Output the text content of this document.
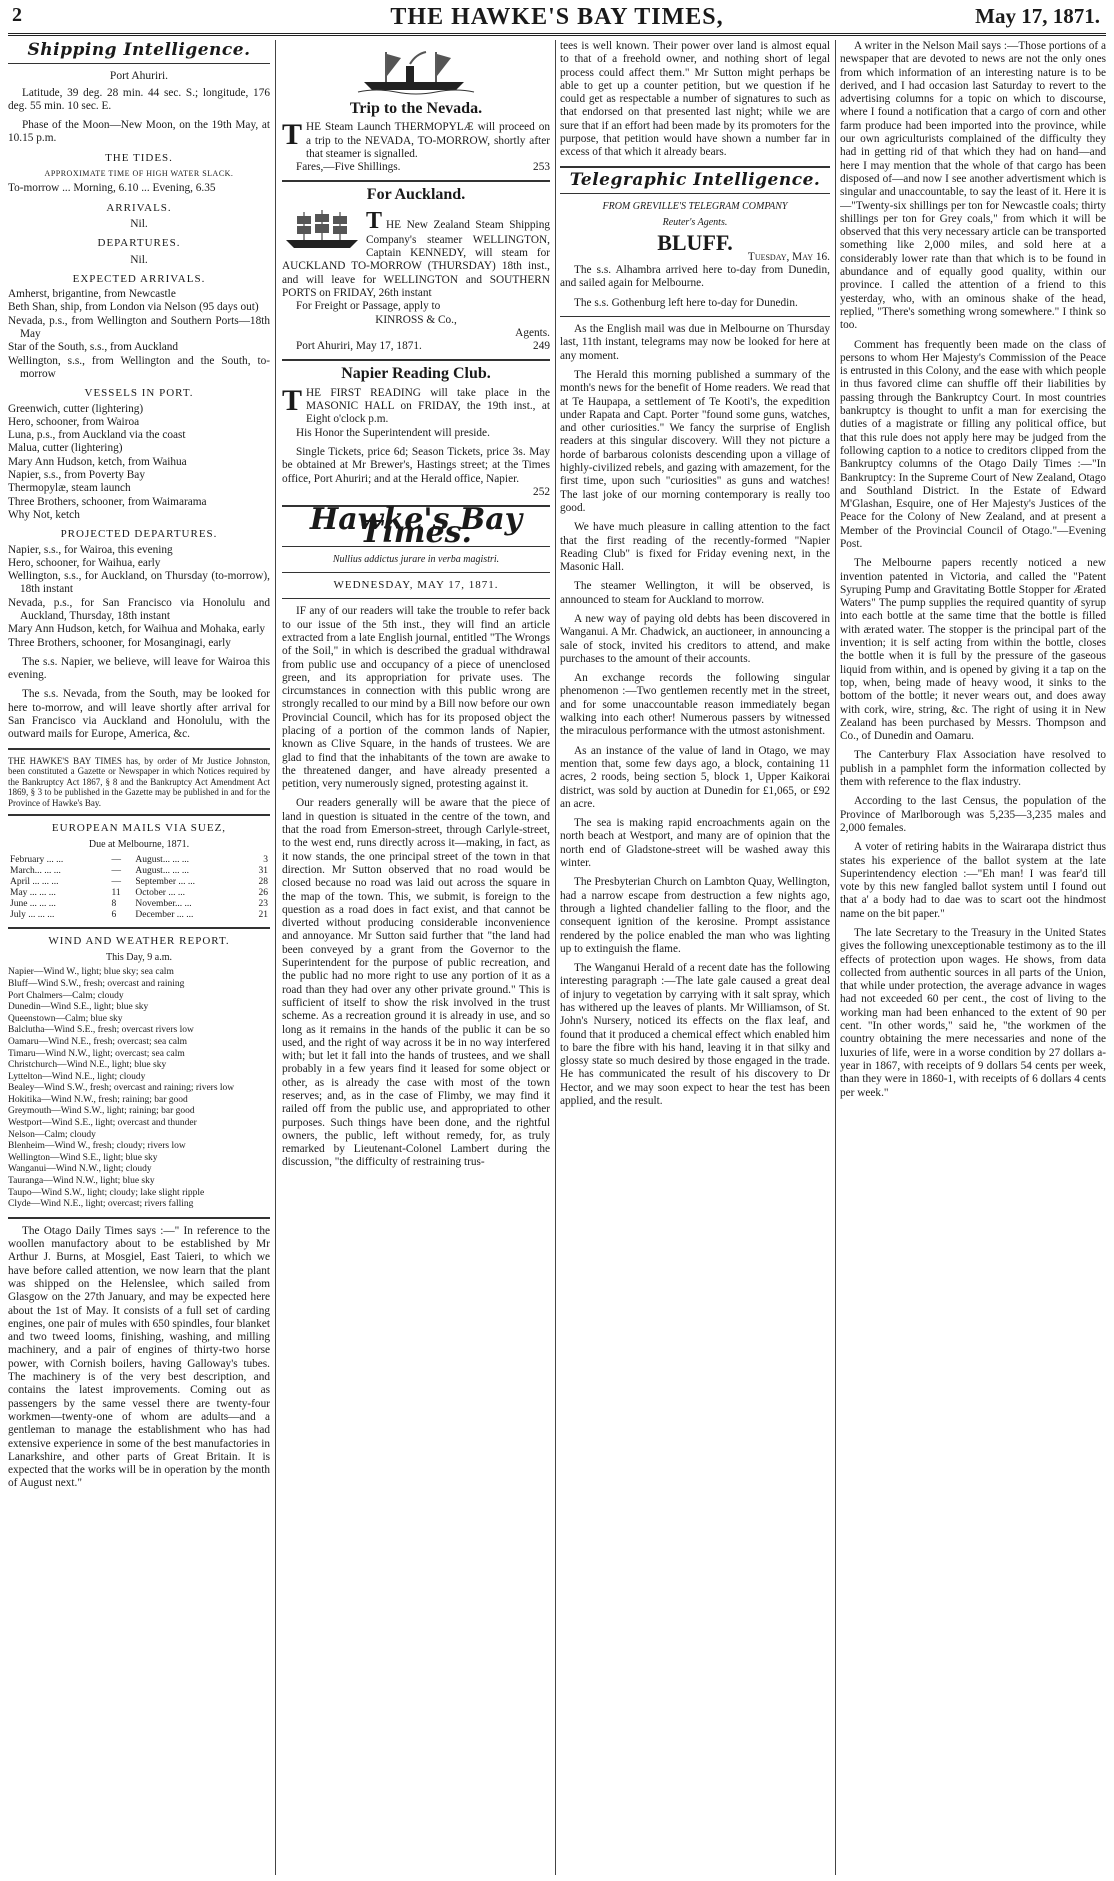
2	THE HAWKE'S BAY TIMES,	May 17, 1871.
Shipping Intelligence.
Port Ahuriri.

Latitude, 39 deg. 28 min. 44 sec. S.; longitude, 176 deg. 55 min. 10 sec. E.

Phase of the Moon—New Moon, on the 19th May, at 10.15 p.m.

THE TIDES.
APPROXIMATE TIME OF HIGH WATER SLACK.

To-morrow ... Morning, 6.10 ... Evening, 6.35

ARRIVALS.
Nil.
DEPARTURES.
Nil.
EXPECTED ARRIVALS.

Amherst, brigantine, from Newcastle

Beth Shan, ship, from London via Nelson (95 days out)

Nevada, p.s., from Wellington and Southern Ports—18th May

Star of the South, s.s., from Auckland

Wellington, s.s., from Wellington and the South, to-morrow

VESSELS IN PORT.

Greenwich, cutter (lightering)

Hero, schooner, from Wairoa

Luna, p.s., from Auckland via the coast

Malua, cutter (lightering)

Mary Ann Hudson, ketch, from Waihua

Napier, s.s., from Poverty Bay

Thermopylæ, steam launch

Three Brothers, schooner, from Waimarama

Why Not, ketch

PROJECTED DEPARTURES.

Napier, s.s., for Wairoa, this evening

Hero, schooner, for Waihua, early

Wellington, s.s., for Auckland, on Thursday (to-morrow), 18th instant

Nevada, p.s., for San Francisco via Honolulu and Auckland, Thursday, 18th instant

Mary Ann Hudson, ketch, for Waihua and Mohaka, early

Three Brothers, schooner, for Mosanginagi, early

The s.s. Napier, we believe, will leave for Wairoa this evening.

The s.s. Nevada, from the South, may be looked for here to-morrow, and will leave shortly after arrival for San Francisco via Auckland and Honolulu, with the outward mails for Europe, America, &c.

THE HAWKE'S BAY TIMES has, by order of Mr Justice Johnston, been constituted a Gazette or Newspaper in which Notices required by the Bankruptcy Act 1867, § 8 and the Bankruptcy Act Amendment Act 1869, § 3 to be published in the Gazette may be published in and for the Province of Hawke's Bay.

EUROPEAN MAILS VIA SUEZ,
Due at Melbourne, 1871.
February ... ...	—	August... ... ...	3
March... ... ...	—	August... ... ...	31
April ... ... ...	—	September ... ...	28
May ... ... ...	11	October ... ...	26
June ... ... ...	8	November... ...	23
July ... ... ...	6	December ... ...	21
WIND AND WEATHER REPORT.
This Day, 9 a.m.

Napier—Wind W., light; blue sky; sea calm

Bluff—Wind S.W., fresh; overcast and raining

Port Chalmers—Calm; cloudy

Dunedin—Wind S.E., light; blue sky

Queenstown—Calm; blue sky

Balclutha—Wind S.E., fresh; overcast rivers low

Oamaru—Wind N.E., fresh; overcast; sea calm

Timaru—Wind N.W., light; overcast; sea calm

Christchurch—Wind N.E., light; blue sky

Lyttelton—Wind N.E., light; cloudy

Bealey—Wind S.W., fresh; overcast and raining; rivers low

Hokitika—Wind N.W., fresh; raining; bar good

Greymouth—Wind S.W., light; raining; bar good

Westport—Wind S.E., light; overcast and thunder

Nelson—Calm; cloudy

Blenheim—Wind W., fresh; cloudy; rivers low

Wellington—Wind S.E., light; blue sky

Wanganui—Wind N.W., light; cloudy

Tauranga—Wind N.W., light; blue sky

Taupo—Wind S.W., light; cloudy; lake slight ripple

Clyde—Wind N.E., light; overcast; rivers falling

The Otago Daily Times says :—" In reference to the woollen manufactory about to be established by Mr Arthur J. Burns, at Mosgiel, East Taieri, to which we have before called attention, we now learn that the plant was shipped on the Helenslee, which sailed from Glasgow on the 27th January, and may be expected here about the 1st of May. It consists of a full set of carding engines, one pair of mules with 650 spindles, four blanket and two tweed looms, finishing, washing, and milling machinery, and a pair of engines of thirty-two horse power, with Cornish boilers, having Galloway's tubes. The machinery is of the very best description, and contains the latest improvements. Coming out as passengers by the same vessel there are twenty-four workmen—twenty-one of whom are adults—and a gentleman to manage the establishment who has had extensive experience in some of the best manufactories in Lanarkshire, and other parts of Great Britain. It is expected that the works will be in operation by the month of August next."

Trip to the Nevada.

THE Steam Launch THERMOPYLÆ will proceed on a trip to the NEVADA, TO-MORROW, shortly after that steamer is signalled.

Fares,—Five Shillings.	253

For Auckland.

THE New Zealand Steam Shipping Company's steamer WELLINGTON, Captain KENNEDY, will steam for AUCKLAND TO-MORROW (THURSDAY) 18th inst., and will leave for WELLINGTON and SOUTHERN PORTS on FRIDAY, 26th instant

For Freight or Passage, apply to

KINROSS & Co.,

Agents.

Port Ahuriri, May 17, 1871.	249

Napier Reading Club.

THE FIRST READING will take place in the MASONIC HALL on FRIDAY, the 19th inst., at Eight o'clock p.m.

His Honor the Superintendent will preside.

Single Tickets, price 6d; Season Tickets, price 3s. May be obtained at Mr Brewer's, Hastings street; at the Times office, Port Ahuriri; and at the Herald office, Napier.

252

Hawke's Bay Times.
Nullius addictus jurare in verba magistri.
WEDNESDAY, MAY 17, 1871.

IF any of our readers will take the trouble to refer back to our issue of the 5th inst., they will find an article extracted from a late English journal, entitled "The Wrongs of the Soil," in which is described the gradual withdrawal from public use and occupancy of a piece of unenclosed green, and its appropriation for private uses. The circumstances in connection with this public wrong are strongly recalled to our mind by a Bill now before our own Provincial Council, which has for its proposed object the placing of a portion of the common lands of Napier, known as Clive Square, in the hands of trustees. We are glad to find that the inhabitants of the town are awake to the threatened danger, and have already presented a petition, very numerously signed, protesting against it.

Our readers generally will be aware that the piece of land in question is situated in the centre of the town, and that the road from Emerson-street, through Carlyle-street, to the west end, runs directly across it—making, in fact, as it now stands, the one principal street of the town in that direction. Mr Sutton observed that no road would be closed because no road was laid out across the square in the map of the town. This, we submit, is foreign to the question as a road does in fact exist, and that cannot be diverted without producing considerable inconvenience and annoyance. Mr Sutton said further that "the land had been conveyed by a grant from the Governor to the Superintendent for the purpose of public recreation, and the public had no more right to use any portion of it as a road than they had over any other private ground." This is sufficient of itself to show the risk involved in the trust scheme. As a recreation ground it is already in use, and so long as it remains in the hands of the public it can be so used, and the right of way across it be in no way interfered with; but let it fall into the hands of trustees, and we shall probably in a few years find it leased for some object or other, as is already the case with most of the town reserves; and, as in the case of Flimby, we may find it railed off from the public use, and appropriated to other purposes. Such things have been done, and the rightful owners, the public, left without remedy, for, as truly remarked by Lieutenant-Colonel Lambert during the discussion, "the difficulty of restraining trus-

tees is well known. Their power over land is almost equal to that of a freehold owner, and nothing short of legal process could affect them." Mr Sutton might perhaps be able to get up a counter petition, but we question if he could get as respectable a number of signatures to such as that endorsed on that presented last night; while we are sure that if an effort had been made by its promoters for the purpose, that petition would have shown a number far in excess of that which it already bears.

Telegraphic Intelligence.
FROM GREVILLE'S TELEGRAM COMPANY
Reuter's Agents.
BLUFF.

Tuesday, May 16.

The s.s. Alhambra arrived here to-day from Dunedin, and sailed again for Melbourne.

The s.s. Gothenburg left here to-day for Dunedin.

As the English mail was due in Melbourne on Thursday last, 11th instant, telegrams may now be looked for here at any moment.

The Herald this morning published a summary of the month's news for the benefit of Home readers. We read that at Te Haupapa, a settlement of Te Kooti's, the expedition under Rapata and Capt. Porter "found some guns, watches, and other curiosities." We fancy the surprise of English readers at this singular discovery. Will they not picture a horde of barbarous colonists descending upon a village of highly-civilized rebels, and gazing with amazement, for the first time, upon such "curiosities" as guns and watches! The last joke of our morning contemporary is really too good.

We have much pleasure in calling attention to the fact that the first reading of the recently-formed "Napier Reading Club" is fixed for Friday evening next, in the Masonic Hall.

The steamer Wellington, it will be observed, is announced to steam for Auckland to morrow.

A new way of paying old debts has been discovered in Wanganui. A Mr. Chadwick, an auctioneer, in announcing a sale of stock, invited his creditors to attend, and make purchases to the amount of their accounts.

An exchange records the following singular phenomenon :—Two gentlemen recently met in the street, and for some unaccountable reason immediately began walking into each other! Numerous passers by witnessed the miraculous performance with the utmost astonishment.

As an instance of the value of land in Otago, we may mention that, some few days ago, a block, containing 11 acres, 2 roods, being section 5, block 1, Upper Kaikorai district, was sold by auction at Dunedin for £1,065, or £92 an acre.

The sea is making rapid encroachments again on the north beach at Westport, and many are of opinion that the north end of Gladstone-street will be washed away this winter.

The Presbyterian Church on Lambton Quay, Wellington, had a narrow escape from destruction a few nights ago, through a lighted chandelier falling to the floor, and the consequent ignition of the kerosine. Prompt assistance rendered by the police enabled the man who was lighting up to extinguish the flame.

The Wanganui Herald of a recent date has the following interesting paragraph :—The late gale caused a great deal of injury to vegetation by carrying with it salt spray, which has withered up the leaves of plants. Mr Williamson, of St. John's Nursery, noticed its effects on the flax leaf, and found that it produced a chemical effect which enabled him to bare the fibre with his hand, leaving it in that silky and glossy state so much desired by those engaged in the trade. He has communicated the result of his discovery to Dr Hector, and we may soon expect to hear the test has been applied, and the result.

A writer in the Nelson Mail says :—Those portions of a newspaper that are devoted to news are not the only ones from which information of an interesting nature is to be derived, and I had occasion last Saturday to revert to the advertising columns for a topic on which to discourse, where I found a notification that a cargo of corn and other farm produce had been imported into the province, while our own agriculturists complained of the difficulty they had in getting rid of that which they had on hand—and here I may mention that the whole of that cargo has been disposed of—and now I see another advertisment which is singular and unaccountable, to say the least of it. Here it is—"Twenty-six shillings per ton for Newcastle coals; thirty shillings per ton for Grey coals," from which it will be observed that this very necessary article can be transported something like 2,000 miles, and sold here at a considerably lower rate than that which is to be found in abundance and of equally good quality, within our province. I called the attention of a friend to this yesterday, who, with an ominous shake of the head, replied, "There's something wrong somewhere." I think so too.

Comment has frequently been made on the class of persons to whom Her Majesty's Commission of the Peace is entrusted in this Colony, and the ease with which people in thus favored clime can shuffle off their liabilities by passing through the Bankruptcy Court. In most countries bankruptcy is thought to unfit a man for exercising the duties of a magistrate or filling any political office, but that this rule does not apply here may be judged from the following caption to a notice to creditors clipped from the Bankruptcy columns of the Otago Daily Times :—"In Bankruptcy: In the Supreme Court of New Zealand, Otago and Southland District. In the Estate of Edward M'Glashan, Esquire, one of Her Majesty's Justices of the Peace for the Colony of New Zealand, and at present a Member of the Provincial Council of Otago."—Evening Post.

The Melbourne papers recently noticed a new invention patented in Victoria, and called the "Patent Syruping Pump and Gravitating Bottle Stopper for Ærated Waters" The pump supplies the required quantity of syrup into each bottle at the same time that the bottle is filled with ærated water. The stopper is the principal part of the invention; it is self acting from within the bottle, closes the bottle when it is full by the pressure of the gaseous liquid from within, and is opened by giving it a tap on the top, when, being made of heavy wood, it sinks to the bottom of the bottle; it never wears out, and does away with cork, wire, string, &c. The right of using it in New Zealand has been purchased by Messrs. Thompson and Co., of Dunedin and Oamaru.

The Canterbury Flax Association have resolved to publish in a pamphlet form the information collected by them with reference to the flax industry.

According to the last Census, the population of the Province of Marlborough was 5,235—3,235 males and 2,000 females.

A voter of retiring habits in the Wairarapa district thus states his experience of the ballot system at the late Superintendency election :—"Eh man! I was fear'd till vote by this new fangled ballot system until I found out that a' a body had to dae was to scart oot the hindmost name on the bit paper."

The late Secretary to the Treasury in the United States gives the following unexceptionable testimony as to the ill effects of protection upon wages. He shows, from data collected from authentic sources in all parts of the Union, that while under protection, the average advance in wages had not exceeded 60 per cent., the cost of living to the working man had been enhanced to the extent of 90 per cent. "In other words," said he, "the workmen of the country obtaining the mere necessaries and none of the luxuries of life, were in a worse condition by 27 dollars a-year in 1867, with receipts of 9 dollars 54 cents per week, than they were in 1860-1, with receipts of 6 dollars 4 cents per week."
